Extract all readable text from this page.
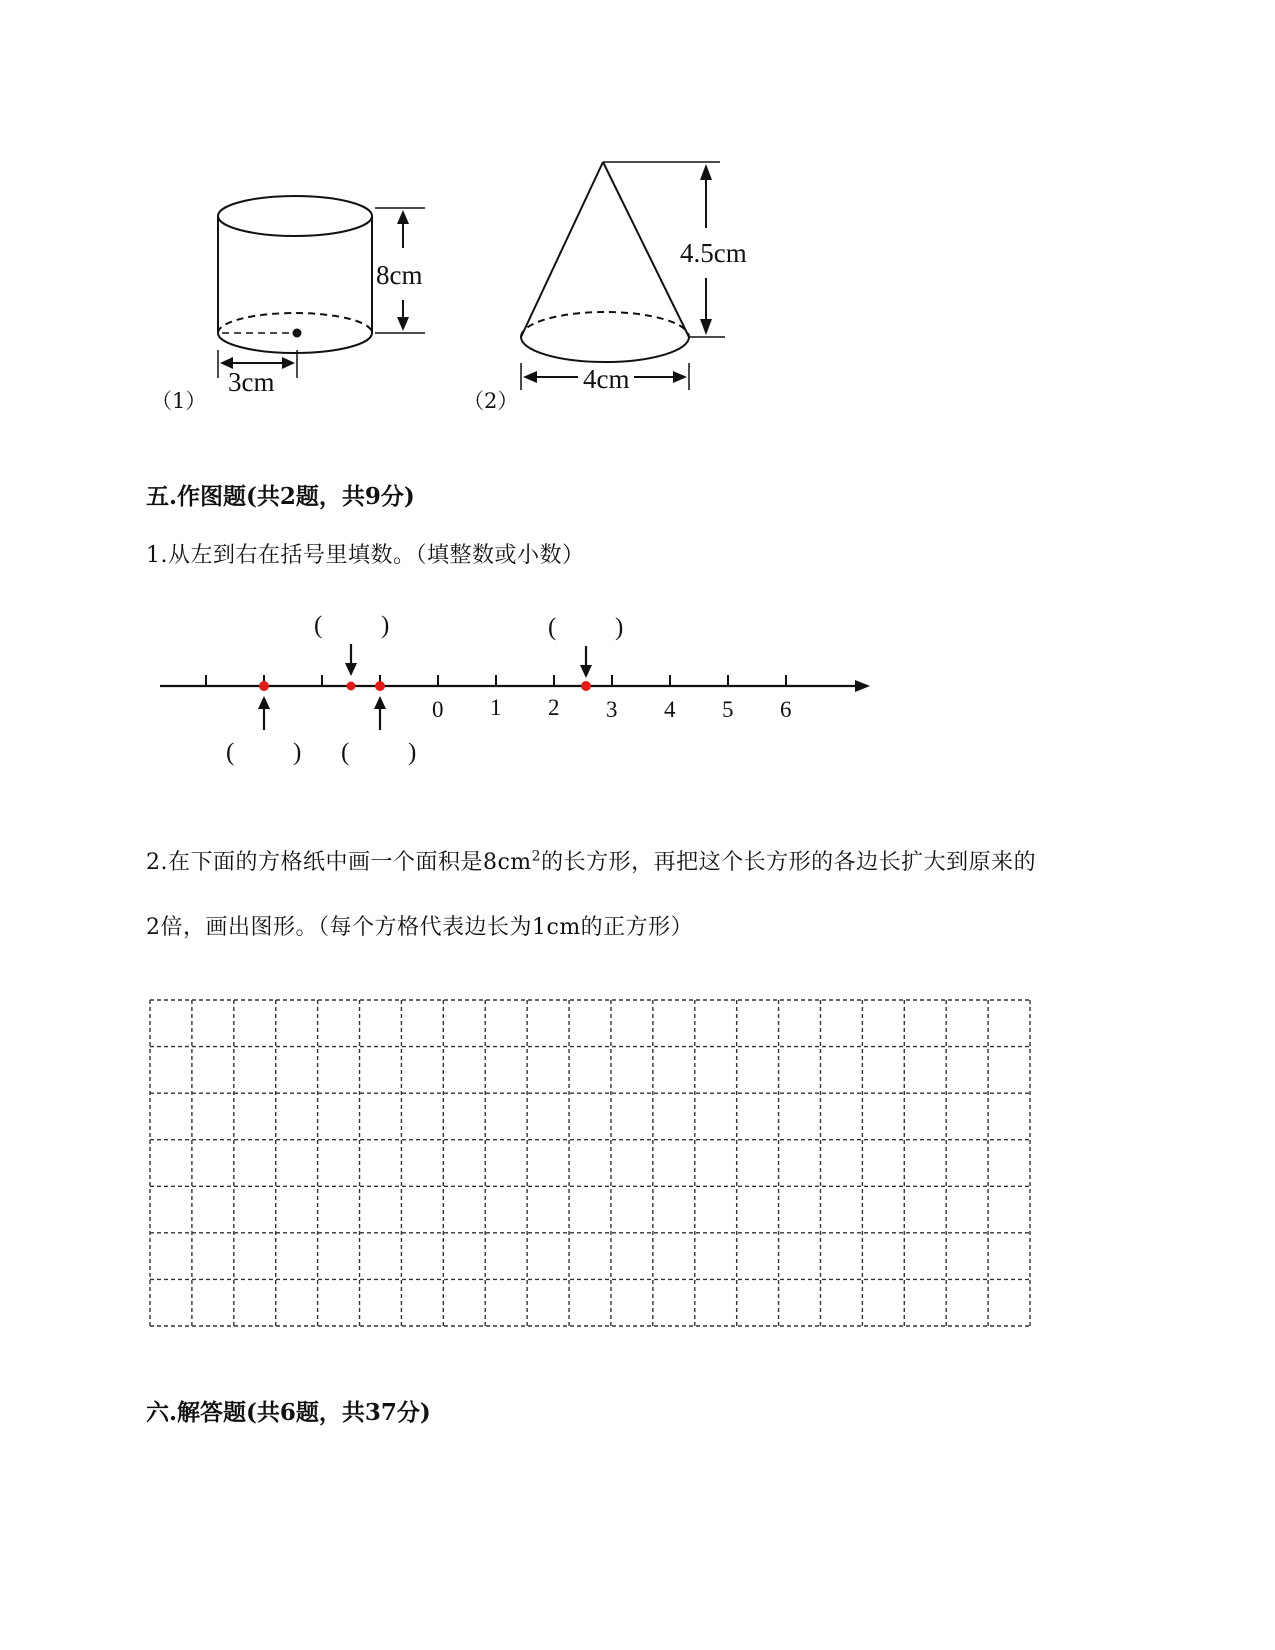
8cm
3cm
（1）
4.5cm
4cm
（2）
五.作图题(共2题，共9分)
1.从左到右在括号里填数。（填整数或小数）
0 1 2 3 4 5 6
( )	( )
( ) ( )
2.在下面的方格纸中画一个面积是$8cm^2$的长方形，再把这个长方形的各边长扩大到原来的
2倍，画出图形。（每个方格代表边长为1cm的正方形）
六.解答题(共6题，共37分)
